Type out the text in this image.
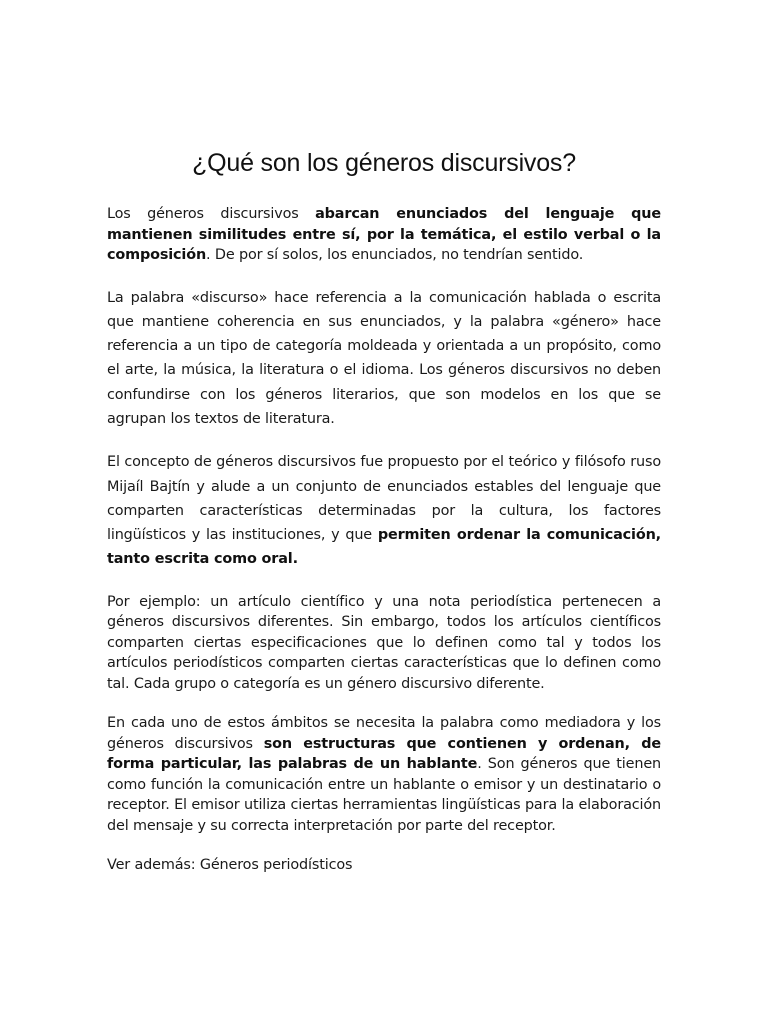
¿Qué son los géneros discursivos?

Los géneros discursivos abarcan enunciados del lenguaje que mantienen similitudes entre sí, por la temática, el estilo verbal o la composición. De por sí solos, los enunciados, no tendrían sentido.

La palabra «discurso» hace referencia a la comunicación hablada o escrita que mantiene coherencia en sus enunciados, y la palabra «género» hace referencia a un tipo de categoría moldeada y orientada a un propósito, como el arte, la música, la literatura o el idioma. Los géneros discursivos no deben confundirse con los géneros literarios, que son modelos en los que se agrupan los textos de literatura.

El concepto de géneros discursivos fue propuesto por el teórico y filósofo ruso Mijaíl Bajtín y alude a un conjunto de enunciados estables del lenguaje que comparten características determinadas por la cultura, los factores lingüísticos y las instituciones, y que permiten ordenar la comunicación, tanto escrita como oral.

Por ejemplo: un artículo científico y una nota periodística pertenecen a géneros discursivos diferentes. Sin embargo, todos los artículos científicos comparten ciertas especificaciones que lo definen como tal y todos los artículos periodísticos comparten ciertas características que lo definen como tal. Cada grupo o categoría es un género discursivo diferente.

En cada uno de estos ámbitos se necesita la palabra como mediadora y los géneros discursivos son estructuras que contienen y ordenan, de forma particular, las palabras de un hablante. Son géneros que tienen como función la comunicación entre un hablante o emisor y un destinatario o receptor. El emisor utiliza ciertas herramientas lingüísticas para la elaboración del mensaje y su correcta interpretación por parte del receptor.

Ver además: Géneros periodísticos
